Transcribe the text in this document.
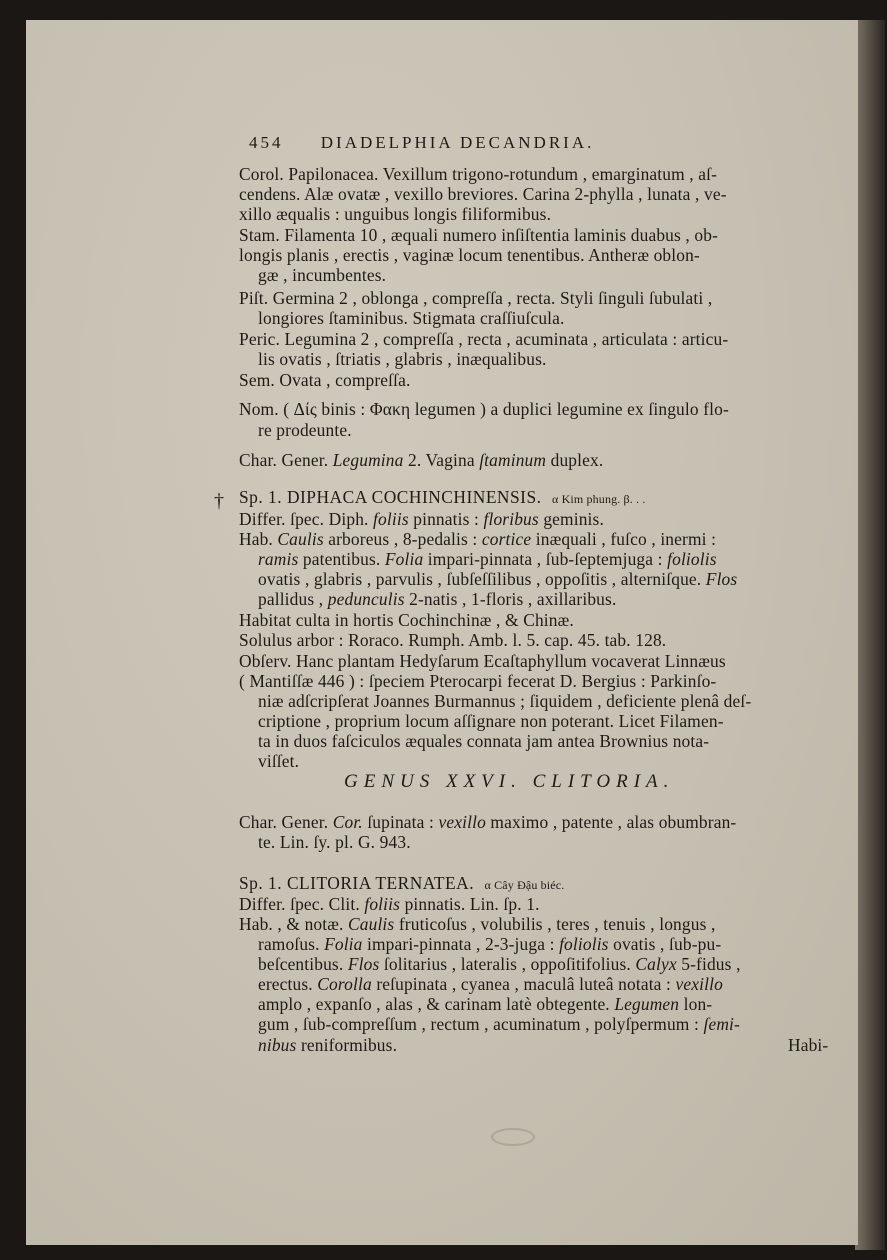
454 DIADELPHIA DECANDRIA.
Corol. Papilonacea. Vexillum trigono-rotundum , emarginatum , aſ-
cendens. Alæ ovatæ , vexillo breviores. Carina 2-phylla , lunata , ve-
xillo æqualis : unguibus longis filiformibus.
Stam. Filamenta 10 , æquali numero inſiſtentia laminis duabus , ob-
longis planis , erectis , vaginæ locum tenentibus. Antheræ oblon-
gæ , incumbentes.
Piſt. Germina 2 , oblonga , compreſſa , recta. Styli ſinguli ſubulati ,
longiores ſtaminibus. Stigmata craſſiuſcula.
Peric. Legumina 2 , compreſſa , recta , acuminata , articulata : articu-
lis ovatis , ſtriatis , glabris , inæqualibus.
Sem. Ovata , compreſſa.
Nom. ( Δίς binis : Φακη legumen ) a duplici legumine ex ſingulo flo-
re prodeunte.
Char. Gener. Legumina 2. Vagina ſtaminum duplex.
† Sp. 1. DIPHACA COCHINCHINENSIS. α Kim phung. β. . .
Differ. ſpec. Diph. foliis pinnatis : floribus geminis.
Hab. Caulis arboreus , 8-pedalis : cortice inæquali , fuſco , inermi :
ramis patentibus. Folia impari-pinnata , ſub-ſeptemjuga : foliolis
ovatis , glabris , parvulis , ſubſeſſilibus , oppoſitis , alterniſque. Flos
pallidus , pedunculis 2-natis , 1-floris , axillaribus.
Habitat culta in hortis Cochinchinæ , & Chinæ.
Solulus arbor : Roraco. Rumph. Amb. l. 5. cap. 45. tab. 128.
Obſerv. Hanc plantam Hedyſarum Ecaſtaphyllum vocaverat Linnæus
( Mantiſſæ 446 ) : ſpeciem Pterocarpi fecerat D. Bergius : Parkinſo-
niæ adſcripſerat Joannes Burmannus ; ſiquidem , deficiente plenâ deſ-
criptione , proprium locum aſſignare non poterant. Licet Filamen-
ta in duos faſciculos æquales connata jam antea Brownius nota-
viſſet.
GENUS XXVI. CLITORIA.
Char. Gener. Cor. ſupinata : vexillo maximo , patente , alas obumbran-
te. Lin. ſy. pl. G. 943.
Sp. 1. CLITORIA TERNATEA. α Cây Đậu biéc.
Differ. ſpec. Clit. foliis pinnatis. Lin. ſp. 1.
Hab. , & notæ. Caulis fruticoſus , volubilis , teres , tenuis , longus ,
ramoſus. Folia impari-pinnata , 2-3-juga : foliolis ovatis , ſub-pu-
beſcentibus. Flos ſolitarius , lateralis , oppoſitifolius. Calyx 5-fidus ,
erectus. Corolla reſupinata , cyanea , maculâ luteâ notata : vexillo
amplo , expanſo , alas , & carinam latè obtegente. Legumen lon-
gum , ſub-compreſſum , rectum , acuminatum , polyſpermum : ſemi-
nibus reniformibus.	Habi-
